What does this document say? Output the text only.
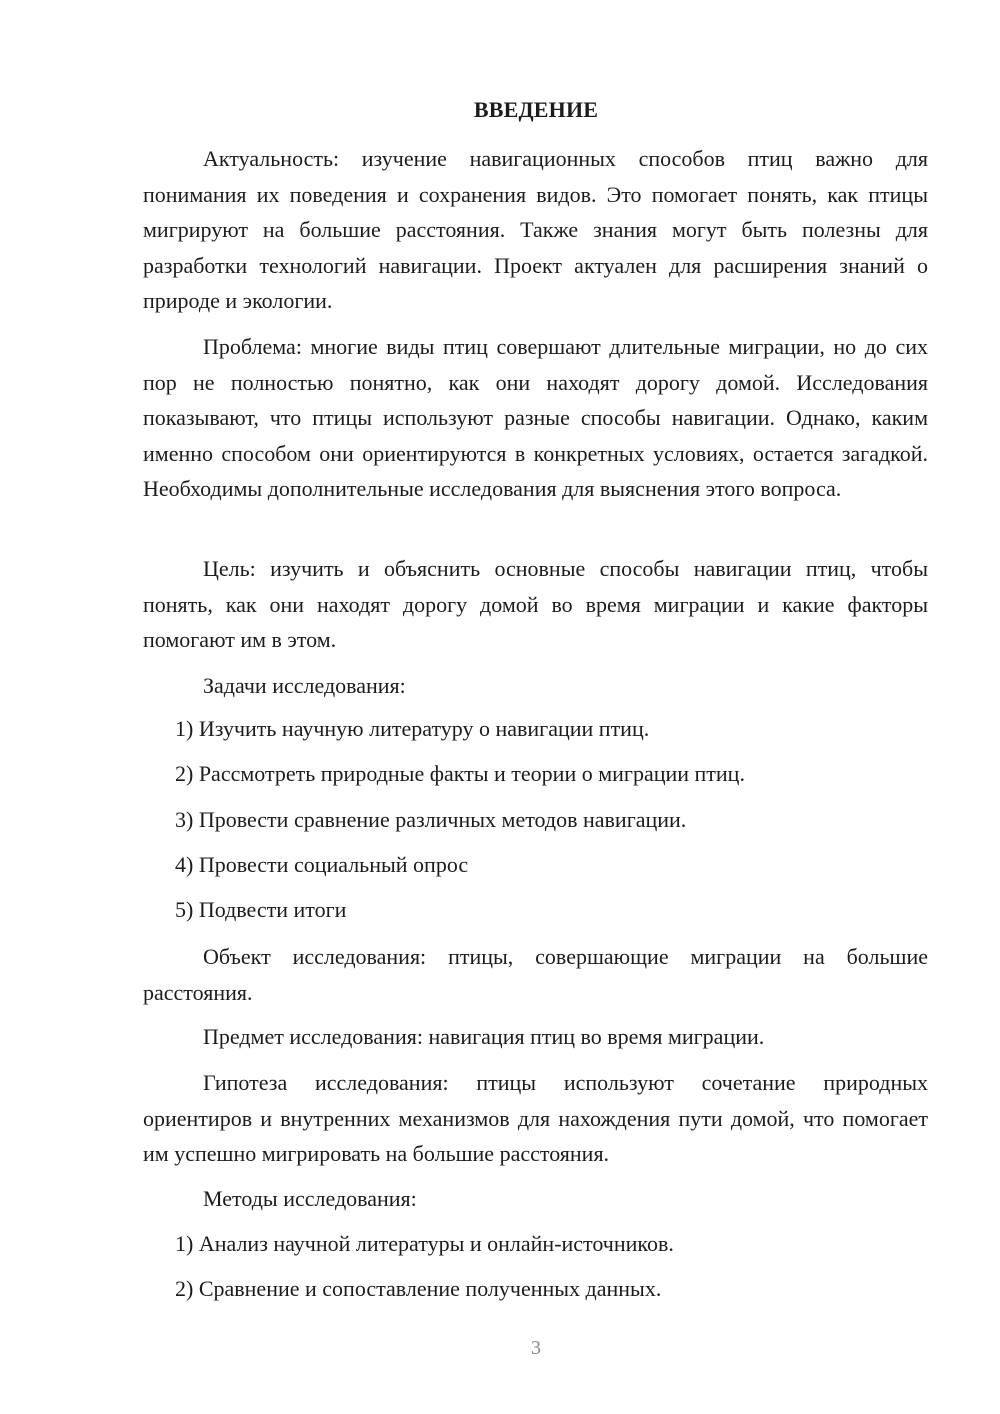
ВВЕДЕНИЕ

Актуальность: изучение навигационных способов птиц важно для понимания их поведения и сохранения видов. Это помогает понять, как птицы мигрируют на большие расстояния. Также знания могут быть полезны для разработки технологий навигации. Проект актуален для расширения знаний о природе и экологии.

Проблема: многие виды птиц совершают длительные миграции, но до сих пор не полностью понятно, как они находят дорогу домой. Исследования показывают, что птицы используют разные способы навигации. Однако, каким именно способом они ориентируются в конкретных условиях, остается загадкой. Необходимы дополнительные исследования для выяснения этого вопроса.

Цель: изучить и объяснить основные способы навигации птиц, чтобы понять, как они находят дорогу домой во время миграции и какие факторы помогают им в этом.

Задачи исследования:

1) Изучить научную литературу о навигации птиц.

2) Рассмотреть природные факты и теории о миграции птиц.

3) Провести сравнение различных методов навигации.

4) Провести социальный опрос

5) Подвести итоги

Объект исследования: птицы, совершающие миграции на большие расстояния.

Предмет исследования: навигация птиц во время миграции.

Гипотеза исследования: птицы используют сочетание природных ориентиров и внутренних механизмов для нахождения пути домой, что помогает им успешно мигрировать на большие расстояния.

Методы исследования:

1) Анализ научной литературы и онлайн-источников.

2) Сравнение и сопоставление полученных данных.

3
